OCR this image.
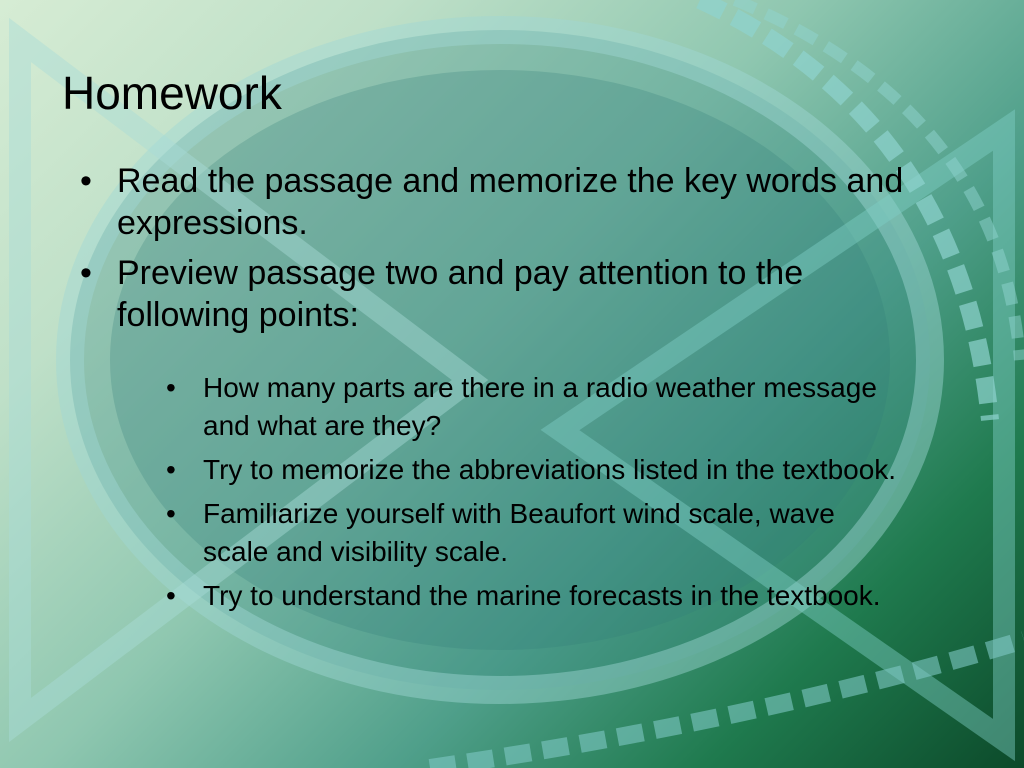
Homework
• Read the passage and memorize the key words and expressions.
• Preview passage two and pay attention to the following points:
• How many parts are there in a radio weather message and what are they?
• Try to memorize the abbreviations listed in the textbook.
• Familiarize yourself with Beaufort wind scale, wave scale and visibility scale.
• Try to understand the marine forecasts in the textbook.
